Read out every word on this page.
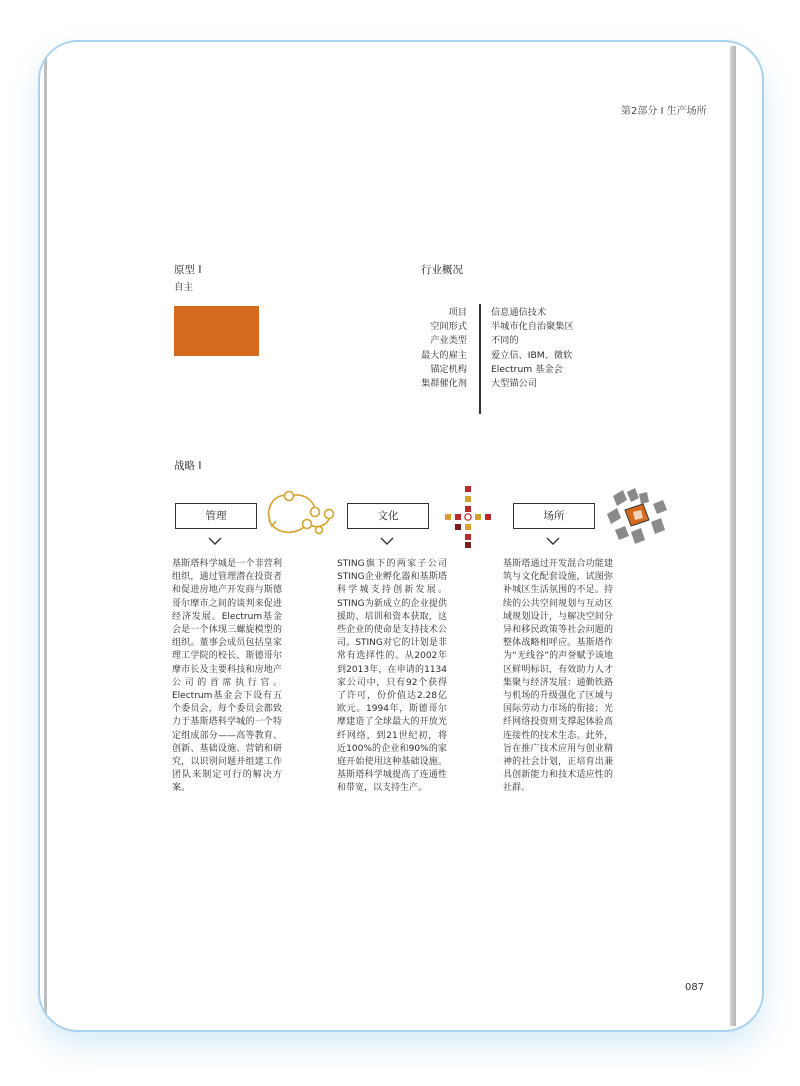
第2部分 I 生产场所
原型 I
自主
行业概况
项目
空间形式
产业类型
最大的雇主
锚定机构
集群催化剂
信息通信技术
半城市化自治聚集区
不同的
爱立信、IBM、微软
Electrum 基金会
大型锚公司
战略 I
管理
基斯塔科学城是一个非营利组织，通过管理潜在投资者和促进房地产开发商与斯德哥尔摩市之间的谈判来促进经济发展。Electrum基金会是一个体现三螺旋模型的组织。董事会成员包括皇家理工学院的校长、斯德哥尔摩市长及主要科技和房地产公司的首席执行官。Electrum基金会下设有五个委员会，每个委员会都致力于基斯塔科学城的一个特定组成部分——高等教育、创新、基础设施、营销和研究，以识别问题并组建工作团队来制定可行的解决方案。
文化
STING旗下的两家子公司STING企业孵化器和基斯塔科学城支持创新发展。STING为新成立的企业提供援助、培训和资本获取，这些企业的使命是支持技术公司。STING对它的计划是非常有选择性的。从2002年到2013年，在申请的1134家公司中，只有92个获得了许可，份价值达2.28亿欧元。1994年，斯德哥尔摩建造了全球最大的开放光纤网络，到21世纪初，将近100%的企业和90%的家庭开始使用这种基础设施。基斯塔科学城提高了连通性和带宽，以支持生产。
场所
基斯塔通过开发混合功能建筑与文化配套设施，试图弥补城区生活氛围的不足。持续的公共空间规划与互动区域规划设计，与解决空间分异和移民政策等社会问题的整体战略相呼应。基斯塔作为“无线谷”的声誉赋予该地区鲜明标识，有效助力人才集聚与经济发展：通勤铁路与机场的升级强化了区域与国际劳动力市场的衔接；光纤网络投资则支撑起体验高连接性的技术生态。此外，旨在推广技术应用与创业精神的社会计划，正培育出兼具创新能力和技术适应性的社群。
087
